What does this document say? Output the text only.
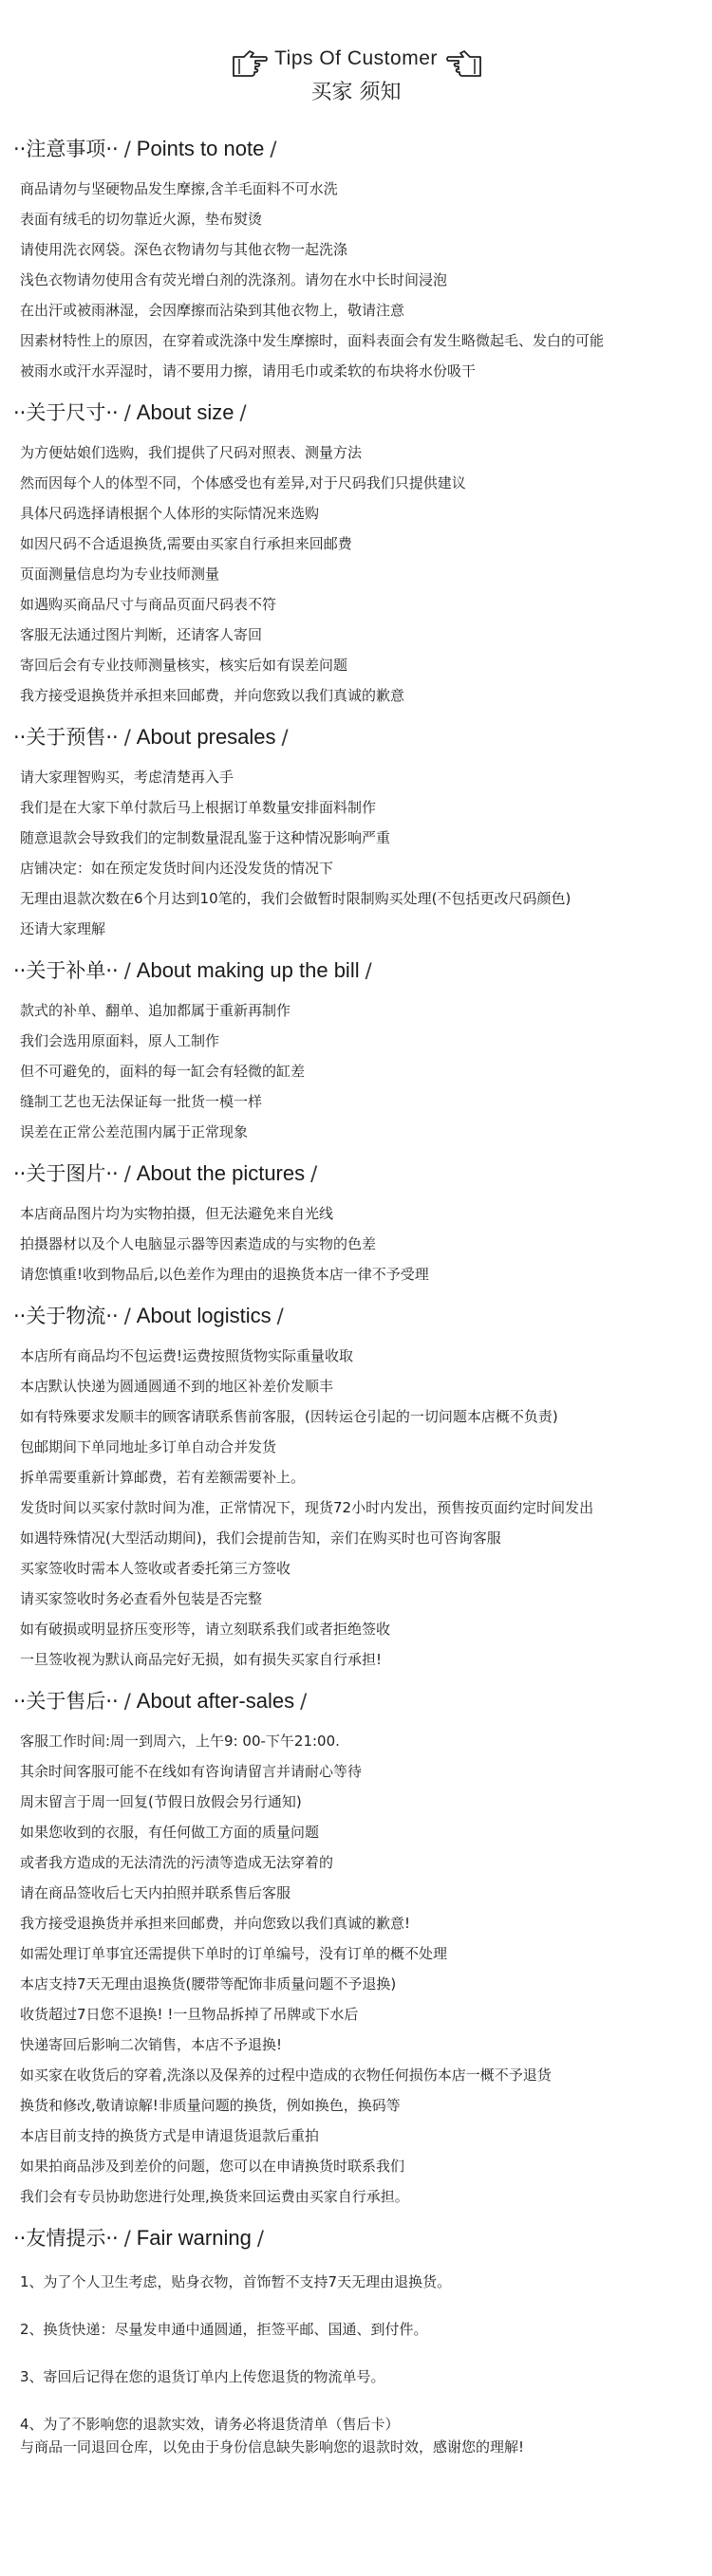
Tips Of Customer
买家 须知
··注意事项·· / Points to note /
商品请勿与坚硬物品发生摩擦,含羊毛面料不可水洗
表面有绒毛的切勿靠近火源，垫布熨烫
请使用洗衣网袋。深色衣物请勿与其他衣物一起洗涤
浅色衣物请勿使用含有荧光增白剂的洗涤剂。请勿在水中长时间浸泡
在出汗或被雨淋湿，会因摩擦而沾染到其他衣物上，敬请注意
因素材特性上的原因，在穿着或洗涤中发生摩擦时，面料表面会有发生略微起毛、发白的可能
被雨水或汗水弄湿时，请不要用力擦，请用毛巾或柔软的布块将水份吸干
··关于尺寸·· / About size /
为方便姑娘们选购，我们提供了尺码对照表、测量方法
然而因每个人的体型不同，个体感受也有差异,对于尺码我们只提供建议
具体尺码选择请根据个人体形的实际情况来选购
如因尺码不合适退换货,需要由买家自行承担来回邮费
页面测量信息均为专业技师测量
如遇购买商品尺寸与商品页面尺码表不符
客服无法通过图片判断，还请客人寄回
寄回后会有专业技师测量核实，核实后如有误差问题
我方接受退换货并承担来回邮费，并向您致以我们真诚的歉意
··关于预售·· / About presales /
请大家理智购买，考虑清楚再入手
我们是在大家下单付款后马上根据订单数量安排面料制作
随意退款会导致我们的定制数量混乱鉴于这种情况影响严重
店铺决定：如在预定发货时间内还没发货的情况下
无理由退款次数在6个月达到10笔的，我们会做暂时限制购买处理(不包括更改尺码颜色)
还请大家理解
··关于补单·· / About making up the bill /
款式的补单、翻单、追加都属于重新再制作
我们会选用原面料，原人工制作
但不可避免的，面料的每一缸会有轻微的缸差
缝制工艺也无法保证每一批货一模一样
误差在正常公差范围内属于正常现象
··关于图片·· / About the pictures /
本店商品图片均为实物拍摄，但无法避免来自光线
拍摄器材以及个人电脑显示器等因素造成的与实物的色差
请您慎重!收到物品后,以色差作为理由的退换货本店一律不予受理
··关于物流·· / About logistics /
本店所有商品均不包运费!运费按照货物实际重量收取
本店默认快递为圆通圆通不到的地区补差价发顺丰
如有特殊要求发顺丰的顾客请联系售前客服，(因转运仓引起的一切问题本店概不负责)
包邮期间下单同地址多订单自动合并发货
拆单需要重新计算邮费，若有差额需要补上。
发货时间以买家付款时间为准，正常情况下，现货72小时内发出，预售按页面约定时间发出
如遇特殊情况(大型活动期间)，我们会提前告知，亲们在购买时也可咨询客服
买家签收时需本人签收或者委托第三方签收
请买家签收时务必查看外包装是否完整
如有破损或明显挤压变形等，请立刻联系我们或者拒绝签收
一旦签收视为默认商品完好无损，如有损失买家自行承担!
··关于售后·· / About after-sales /
客服工作时间:周一到周六，上午9: 00-下午21:00.
其余时间客服可能不在线如有咨询请留言并请耐心等待
周末留言于周一回复(节假日放假会另行通知)
如果您收到的衣服，有任何做工方面的质量问题
或者我方造成的无法清洗的污渍等造成无法穿着的
请在商品签收后七天内拍照并联系售后客服
我方接受退换货并承担来回邮费，并向您致以我们真诚的歉意!
如需处理订单事宜还需提供下单时的订单编号，没有订单的概不处理
本店支持7天无理由退换货(腰带等配饰非质量问题不予退换)
收货超过7日您不退换! !一旦物品拆掉了吊牌或下水后
快递寄回后影响二次销售，本店不予退换!
如买家在收货后的穿着,洗涤以及保养的过程中造成的衣物任何损伤本店一概不予退货
换货和修改,敬请谅解!非质量问题的换货，例如换色，换码等
本店目前支持的换货方式是申请退货退款后重拍
如果拍商品涉及到差价的问题，您可以在申请换货时联系我们
我们会有专员协助您进行处理,换货来回运费由买家自行承担。
··友情提示·· / Fair warning /
1、为了个人卫生考虑，贴身衣物，首饰暂不支持7天无理由退换货。
2、换货快递：尽量发申通中通圆通，拒签平邮、国通、到付件。
3、寄回后记得在您的退货订单内上传您退货的物流单号。
4、为了不影响您的退款实效，请务必将退货清单（售后卡）
与商品一同退回仓库，以免由于身份信息缺失影响您的退款时效，感谢您的理解!
